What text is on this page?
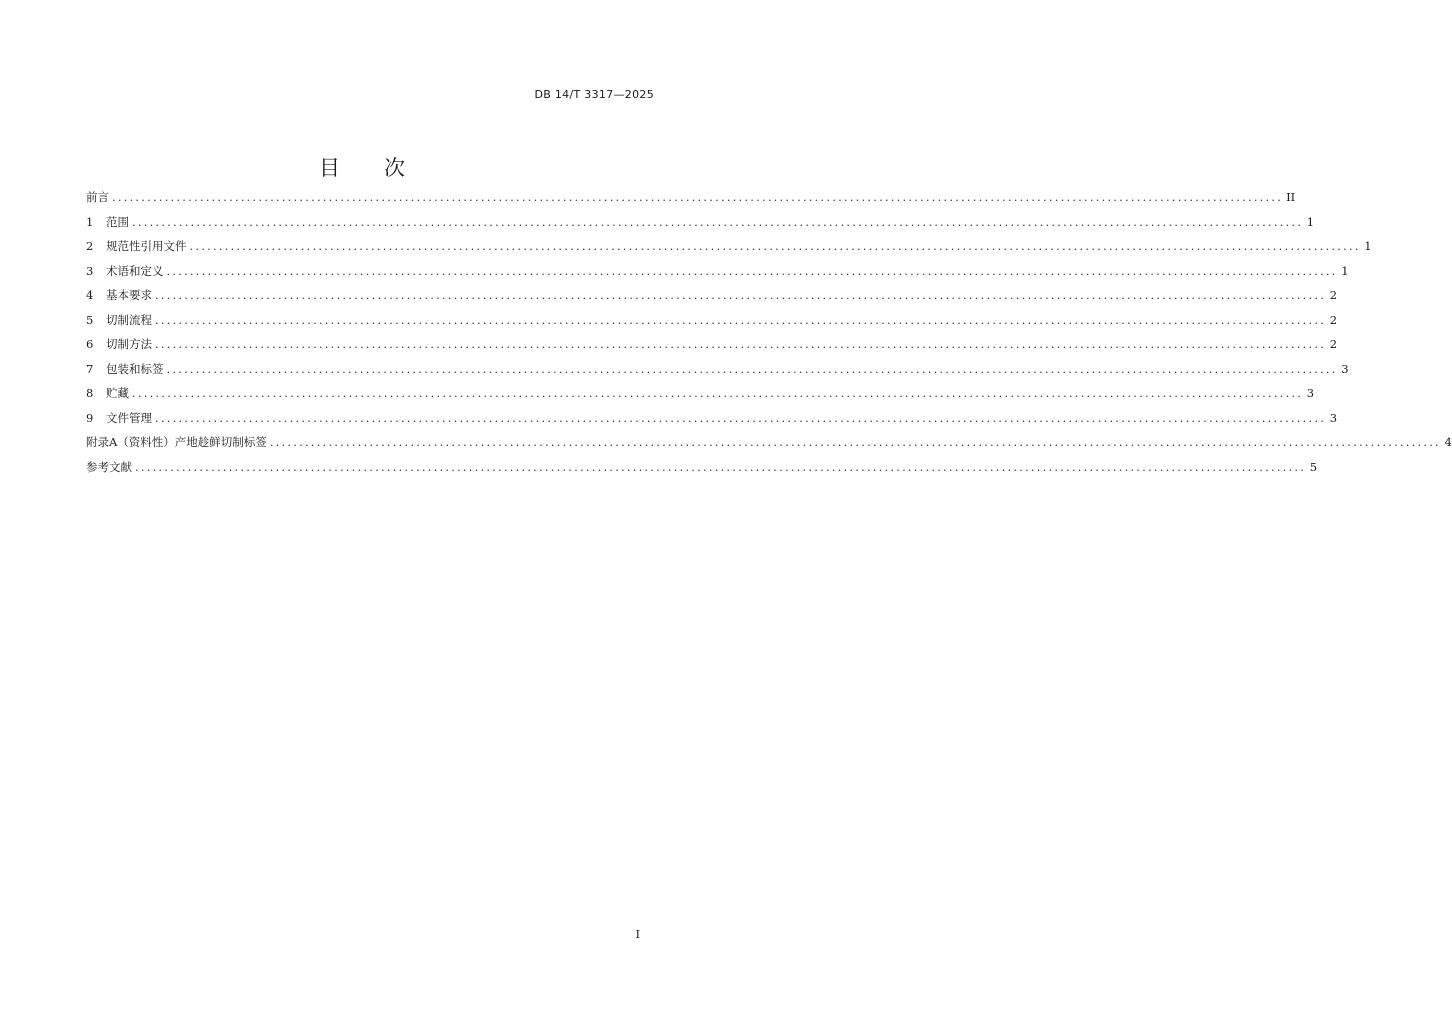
DB 14/T 3317—2025
目 次
前言 ........................................................................................................................................................................................................ II
1	范围 ........................................................................................................................................................................................................ 1
2	规范性引用文件 ........................................................................................................................................................................................................ 1
3	术语和定义 ........................................................................................................................................................................................................ 1
4	基本要求 ........................................................................................................................................................................................................ 2
5	切制流程 ........................................................................................................................................................................................................ 2
6	切制方法 ........................................................................................................................................................................................................ 2
7	包装和标签 ........................................................................................................................................................................................................ 3
8	贮藏 ........................................................................................................................................................................................................ 3
9	文件管理 ........................................................................................................................................................................................................ 3
附录A（资料性）产地趁鲜切制标签 ........................................................................................................................................................................................................ 4
参考文献 ........................................................................................................................................................................................................ 5
I
